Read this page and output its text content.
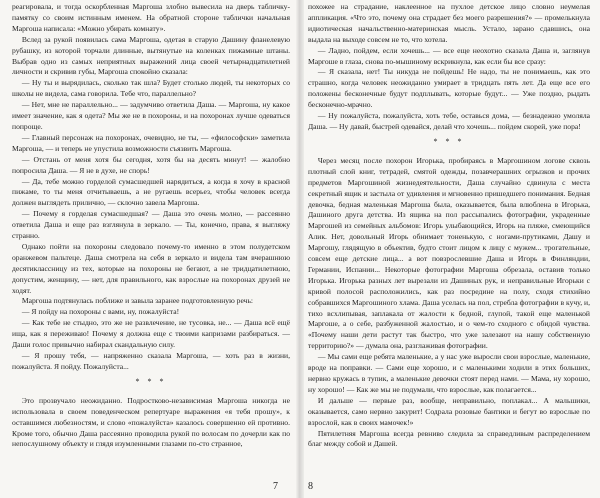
реагировала, и тогда оскорбленная Маргоша злобно вывесила на дверь табличку-памятку со своим истинным именем. На обратной стороне таблички начальная Маргоша написала: «Можно убирать комнату».

Вслед за рукой появилась сама Маргоша, одетая в старую Дашину фланелевую рубашку, из которой торчали длинные, вытянутые на коленках пижамные штаны. Выбрав одно из самых неприятных выражений лица своей четырнадцатилетней личности и скривив губы, Маргоша спокойно сказала:

— Ну ты и вырядилась, сколько так шла? Будет столько людей, ты некоторых со школы не видела, сама говорила. Тебе что, параллельно?

— Нет, мне не параллельно... — задумчиво ответила Даша. — Маргоша, ну какое имеет значение, как я одета? Мы же не в похороны, и на похоронах лучше одеваться попроще.

— Главный персонаж на похоронах, очевидно, не ты, — «философски» заметила Маргоша, — и теперь не упустила возможности съязвить Маргоша.

— Отстань от меня хотя бы сегодня, хотя бы на десять минут! — жалобно попросила Даша. — Я не в духе, не спорь!

— Да, тебе можно горделой сумасшедшей нарядиться, а когда я хочу в красной пижаме, то ты меня отчитываешь, а не ругаешь всерьез, чтобы человек всегда должен выглядеть прилично, — склочно завела Маргоша.

— Почему я горделая сумасшедшая? — Даша это очень молно, — рассеянно ответила Даша и еще раз взглянула в зеркало. — Ты, конечно, права, я выгляжу странно.

Однако пойти на похороны следовало почему-то именно в этом полудетском оранжевом пальтеце. Даша смотрела на себя в зеркало и видела там вчерашнюю десятиклассницу из тех, которые на похороны не бегают, а не тридцатилетнюю, допустим, женщину, — нет, для правильного, как взрослые на похоронах друзей не ходят.

Маргоша подтянулась поближе и завыла заранее подготовленную речь:

— Я пойду на похороны с вами, ну, пожалуйста!

— Как тебе не стыдно, это же не развлечение, не тусовка, не... — Даша всё ещё ища, как я переживаю! Почему я должна еще с твоими капризами разбираться. — Даши голос привычно набирал скандальную силу.

— Я прошу тебя, — напряженно сказала Маргоша, — хоть раз в жизни, пожалуйста. Я пойду. Пожалуйста...

* * *

Это прозвучало неожиданно. Подростково-независимая Маргоша никогда не использовала в своем поведенческом репертуаре выражения «я тебя прошу», к оставшимся любезностям, и слово «пожалуйста» казалось совершенно ей противно. Кроме того, обычно Даша рассеянно проводила рукой по волосам по дочерли как по непослушному объекту и глядя изумленными глазами по-сто странное,

7

похожее на страдание, наклеенное на пухлое детское лицо словно неумелая аппликация. «Что это, почему она страдает без моего разрешения?» — промелькнула идиотическая начальственно-материнская мысль. Устало, зарано сдавшись, она выдала на выходе совсем не то, что хотела.

— Ладно, пойдем, если хочешь... — все еще неохотно сказала Даша и, заглянув Маргоше в глаза, снова по-мышиному вскрикнула, как если бы все сразу:

— Я сказала, нет! Ты никуда не пойдешь! Не надо, ты не понимаешь, как это страшно, когда человек неожиданно умирает в тридцать пять лет. Да еще все его положены бесконечные будут подплывать, которые будут... — Уже поздно, рыдать бесконечно-мрачно.

— Ну пожалуйста, пожалуйста, хоть тебе, оставься дома, — безнадежно умоляла Даша. — Ну давай, быстрей одевайся, делай что хочешь... пойдем скорей, уже пора!

* * *

Через месяц после похорон Игорька, пробираясь в Маргошином логове сквозь плотный слой книг, тетрадей, смятой одежды, позавчерашних огрызков и прочих предметов Маргошиной жизнедеятельности, Даша случайно сдвинула с места секретный ящик и застыла от удивления и мгновенно пришедшего понимания. Бедная девочка, бедная маленькая Маргоша была, оказывается, была влюблена в Игорька, Дашиного друга детства. Из ящика на пол рассыпались фотографии, украденные Маргошей из семейных альбомов: Игорь улыбающийся, Игорь на пляже, смеющийся Алик. Нет, довольный Игорь обнимает тоненькую, с ногами-прутиками, Дашу и Маргошу, глядящую в объектив, будто стоит лицом к лицу с мужем... трогательные, совсем еще детские лица... а вот повзрослевшие Даша и Игорь в Финляндии, Германии, Испании... Некоторые фотографии Маргоша обрезала, оставив только Игорька. Игорька разных лет вырезали из Дашиных рук, и неправильные Игорьки с кривой полосой расположились, как раз посредине на полу, сходя стихийно собравшихся Маргошиного хлама. Даша уселась на пол, стребла фотографии в кучу, и, тихо всхлипывая, заплакала от жалости к бедной, глупой, такой еще маленькой Маргоше, а о себе, разбуженной жалостью, и о чем-то сходного с обидой чувства. «Почему наши дети растут так быстро, что уже залезают на нашу собственную территорию?» — думала она, разглаживая фотографии.

— Мы сами еще ребята маленькие, а у нас уже выросли свои взрослые, маленькие, вроде на поправки. — Сами еще хорошо, и с маленькими ходили в этих больших, нервно кружась в тупик, а маленькие девочки стоят перед нами. — Мама, ну хорошо, ну хорошо! — Как же мы не подумали, что взрослые, как полагается...

И дальше — первые раз, вообще, неправильно, поплакал... А мальшики, оказывается, само нервно закурит! Содрала розовые бантики и бегут во взрослые по взрослой, как в своих мамочек!»

Пятилетняя Маргоша всегда ревниво следила за справедливым распределением благ между собой и Дашей.

8
